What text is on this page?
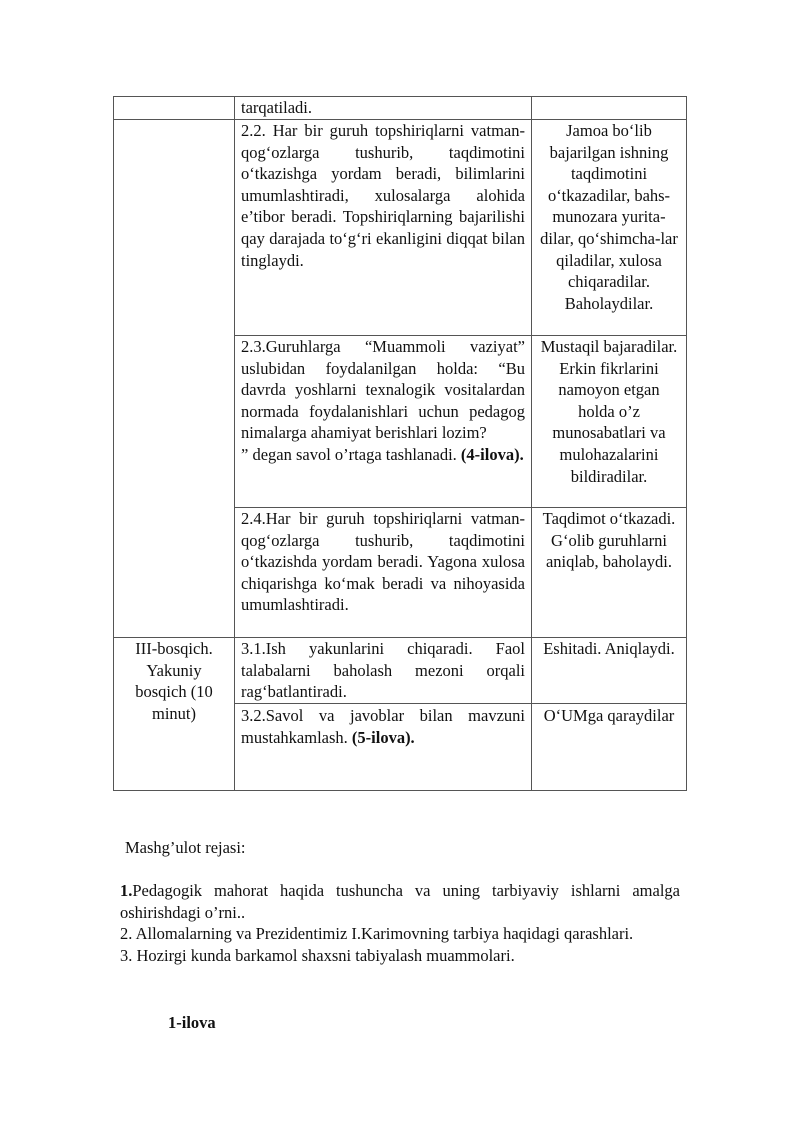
	tarqatiladi.	
	2.2. Har bir guruh topshiriqlarni vatman-qog‘ozlarga tushurib, taqdimotini o‘tkazishga yordam beradi, bilimlarini umumlashtiradi, xulosalarga alohida e’tibor beradi. Topshiriqlarning bajarilishi qay darajada to‘g‘ri ekanligini diqqat bilan tinglaydi.	Jamoa bo‘lib bajarilgan ishning taqdimotini o‘tkazadilar, bahs-munozara yurita-dilar, qo‘shimcha-lar qiladilar, xulosa chiqaradilar. Baholaydilar.

	2.3.Guruhlarga “Muammoli vaziyat” uslubidan foydalanilgan holda: “Bu davrda yoshlarni texnalogik vositalardan normada foydalanishlari uchun pedagog nimalarga ahamiyat berishlari lozim?

” degan savol o’rtaga tashlanadi. (4-ilova).	Mustaqil bajaradilar. Erkin fikrlarini namoyon etgan holda o’z munosabatlari va mulohazalarini bildiradilar.
	2.4.Har bir guruh topshiriqlarni vatman-qog‘ozlarga tushurib, taqdimotini o‘tkazishda yordam beradi. Yagona xulosa chiqarishga ko‘mak beradi va nihoyasida umumlashtiradi.	Taqdimot o‘tkazadi. G‘olib guruhlarni aniqlab, baholaydi.
III-bosqich. Yakuniy bosqich (10 minut)	3.1.Ish yakunlarini chiqaradi. Faol talabalarni baholash mezoni orqali rag‘batlantiradi.	Eshitadi. Aniqlaydi.
	3.2.Savol va javoblar bilan mavzuni mustahkamlash. (5-ilova).	O‘UMga qaraydilar
Mashg’ulot rejasi:

1.Pedagogik mahorat haqida tushuncha va uning tarbiyaviy ishlarni amalga oshirishdagi o’rni..

2. Allomalarning va Prezidentimiz I.Karimovning tarbiya haqidagi qarashlari.

3. Hozirgi kunda barkamol shaxsni tabiyalash muammolari.

1-ilova
